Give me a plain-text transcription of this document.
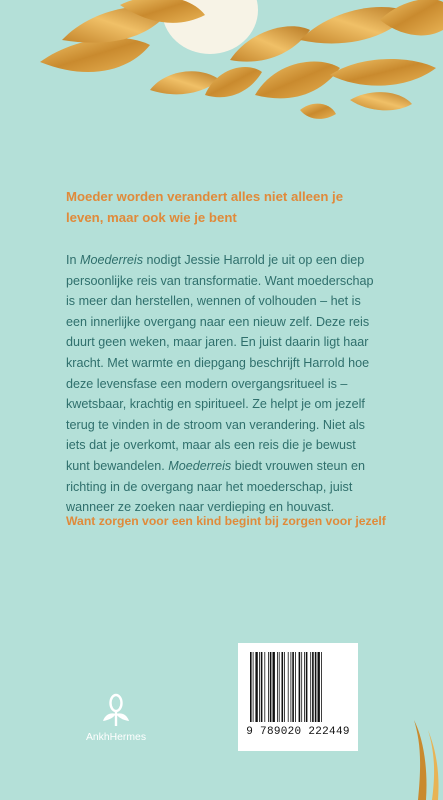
Moeder worden verandert alles niet alleen je leven, maar ook wie je bent

In Moederreis nodigt Jessie Harrold je uit op een diep persoonlijke reis van transformatie. Want moederschap is meer dan herstellen, wennen of volhouden – het is een innerlijke overgang naar een nieuw zelf. Deze reis duurt geen weken, maar jaren. En juist daarin ligt haar kracht. Met warmte en diepgang beschrijft Harrold hoe deze levensfase een modern overgangsritueel is – kwetsbaar, krachtig en spiritueel. Ze helpt je om jezelf terug te vinden in de stroom van verandering. Niet als iets dat je overkomt, maar als een reis die je bewust kunt bewandelen. Moederreis biedt vrouwen steun en richting in de overgang naar het moederschap, juist wanneer ze zoeken naar verdieping en houvast.

Want zorgen voor een kind begint bij zorgen voor jezelf

AnkhHermes	9 789020 222449
